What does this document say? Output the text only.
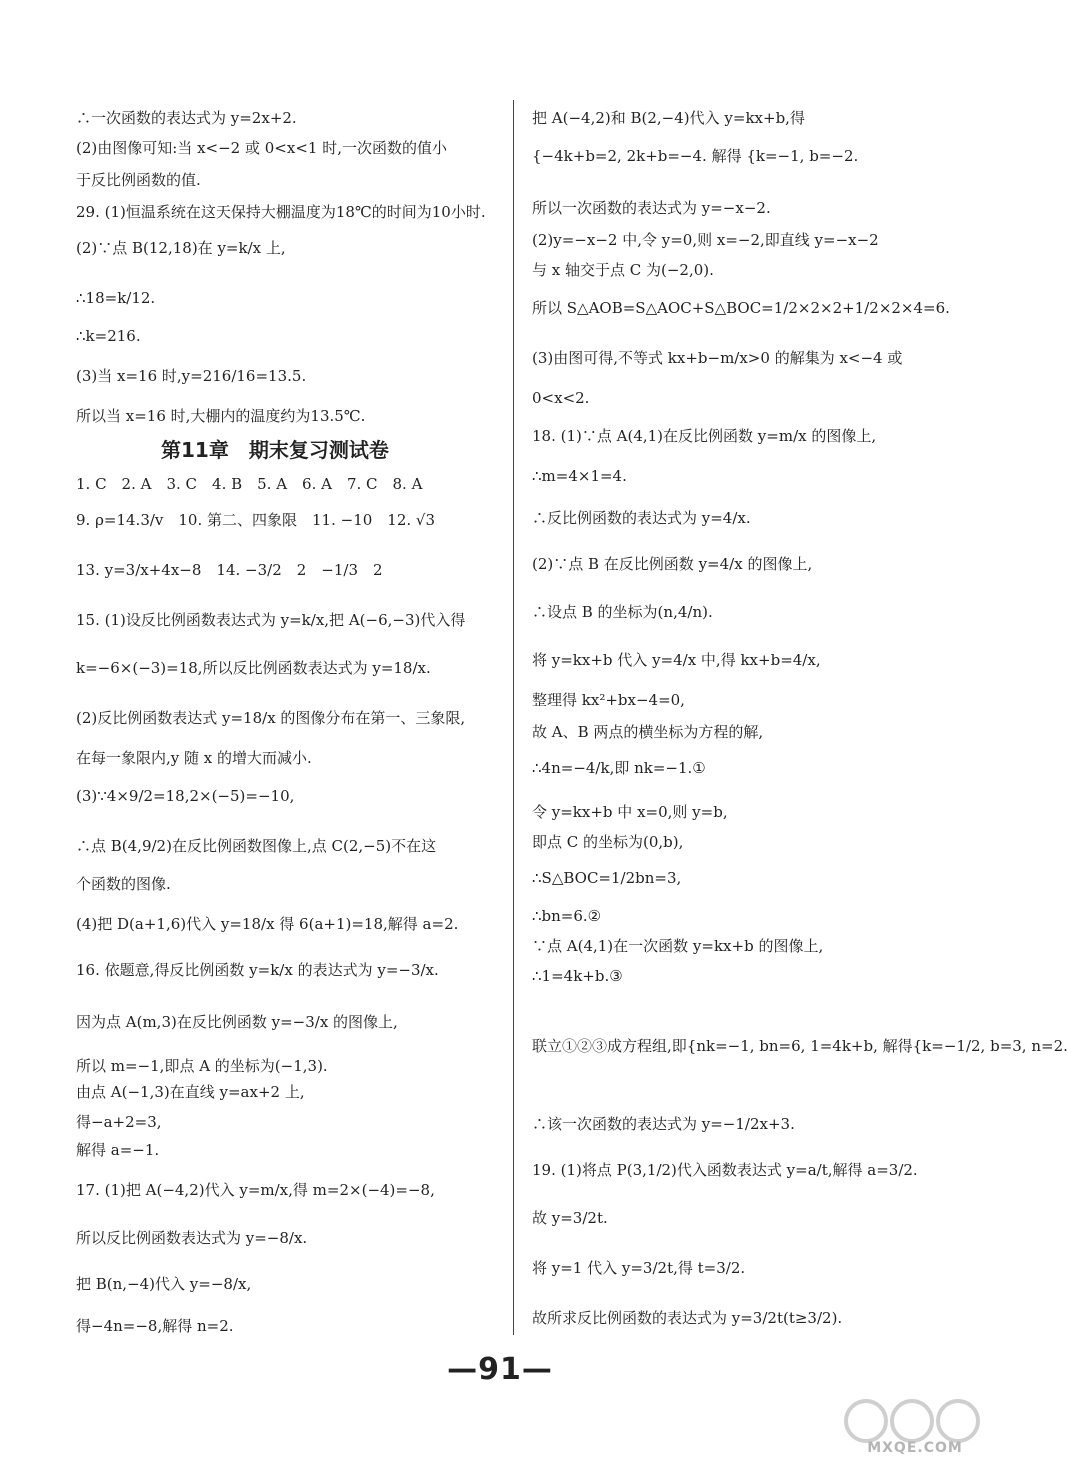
∴一次函数的表达式为 y=2x+2.
(2)由图像可知:当 x<−2 或 0<x<1 时,一次函数的值小
于反比例函数的值.
29. (1)恒温系统在这天保持大棚温度为18℃的时间为10小时.
(2)∵点 B(12,18)在 y=k/x 上,
∴18=k/12.
∴k=216.
(3)当 x=16 时,y=216/16=13.5.
所以当 x=16 时,大棚内的温度约为13.5℃.
第11章　期末复习测试卷
1. C　2. A　3. C　4. B　5. A　6. A　7. C　8. A
9. ρ=14.3/v　10. 第二、四象限　11. −10　12. √3
13. y=3/x+4x−8　14. −3/2　2　−1/3　2
15. (1)设反比例函数表达式为 y=k/x,把 A(−6,−3)代入得
k=−6×(−3)=18,所以反比例函数表达式为 y=18/x.
(2)反比例函数表达式 y=18/x 的图像分布在第一、三象限,
在每一象限内,y 随 x 的增大而减小.
(3)∵4×9/2=18,2×(−5)=−10,
∴点 B(4,9/2)在反比例函数图像上,点 C(2,−5)不在这
个函数的图像.
(4)把 D(a+1,6)代入 y=18/x 得 6(a+1)=18,解得 a=2.
16. 依题意,得反比例函数 y=k/x 的表达式为 y=−3/x.
因为点 A(m,3)在反比例函数 y=−3/x 的图像上,
所以 m=−1,即点 A 的坐标为(−1,3).
由点 A(−1,3)在直线 y=ax+2 上,
得−a+2=3,
解得 a=−1.
17. (1)把 A(−4,2)代入 y=m/x,得 m=2×(−4)=−8,
所以反比例函数表达式为 y=−8/x.
把 B(n,−4)代入 y=−8/x,
得−4n=−8,解得 n=2.
把 A(−4,2)和 B(2,−4)代入 y=kx+b,得
{−4k+b=2, 2k+b=−4. 解得 {k=−1, b=−2.
所以一次函数的表达式为 y=−x−2.
(2)y=−x−2 中,令 y=0,则 x=−2,即直线 y=−x−2
与 x 轴交于点 C 为(−2,0).
所以 S△AOB=S△AOC+S△BOC=1/2×2×2+1/2×2×4=6.
(3)由图可得,不等式 kx+b−m/x>0 的解集为 x<−4 或
0<x<2.
18. (1)∵点 A(4,1)在反比例函数 y=m/x 的图像上,
∴m=4×1=4.
∴反比例函数的表达式为 y=4/x.
(2)∵点 B 在反比例函数 y=4/x 的图像上,
∴设点 B 的坐标为(n,4/n).
将 y=kx+b 代入 y=4/x 中,得 kx+b=4/x,
整理得 kx²+bx−4=0,
故 A、B 两点的横坐标为方程的解,
∴4n=−4/k,即 nk=−1.①
令 y=kx+b 中 x=0,则 y=b,
即点 C 的坐标为(0,b),
∴S△BOC=1/2bn=3,
∴bn=6.②
∵点 A(4,1)在一次函数 y=kx+b 的图像上,
∴1=4k+b.③
联立①②③成方程组,即{nk=−1, bn=6, 1=4k+b, 解得{k=−1/2, b=3, n=2.
∴该一次函数的表达式为 y=−1/2x+3.
19. (1)将点 P(3,1/2)代入函数表达式 y=a/t,解得 a=3/2.
故 y=3/2t.
将 y=1 代入 y=3/2t,得 t=3/2.
故所求反比例函数的表达式为 y=3/2t(t≥3/2).
—91—
MXQE.COM
